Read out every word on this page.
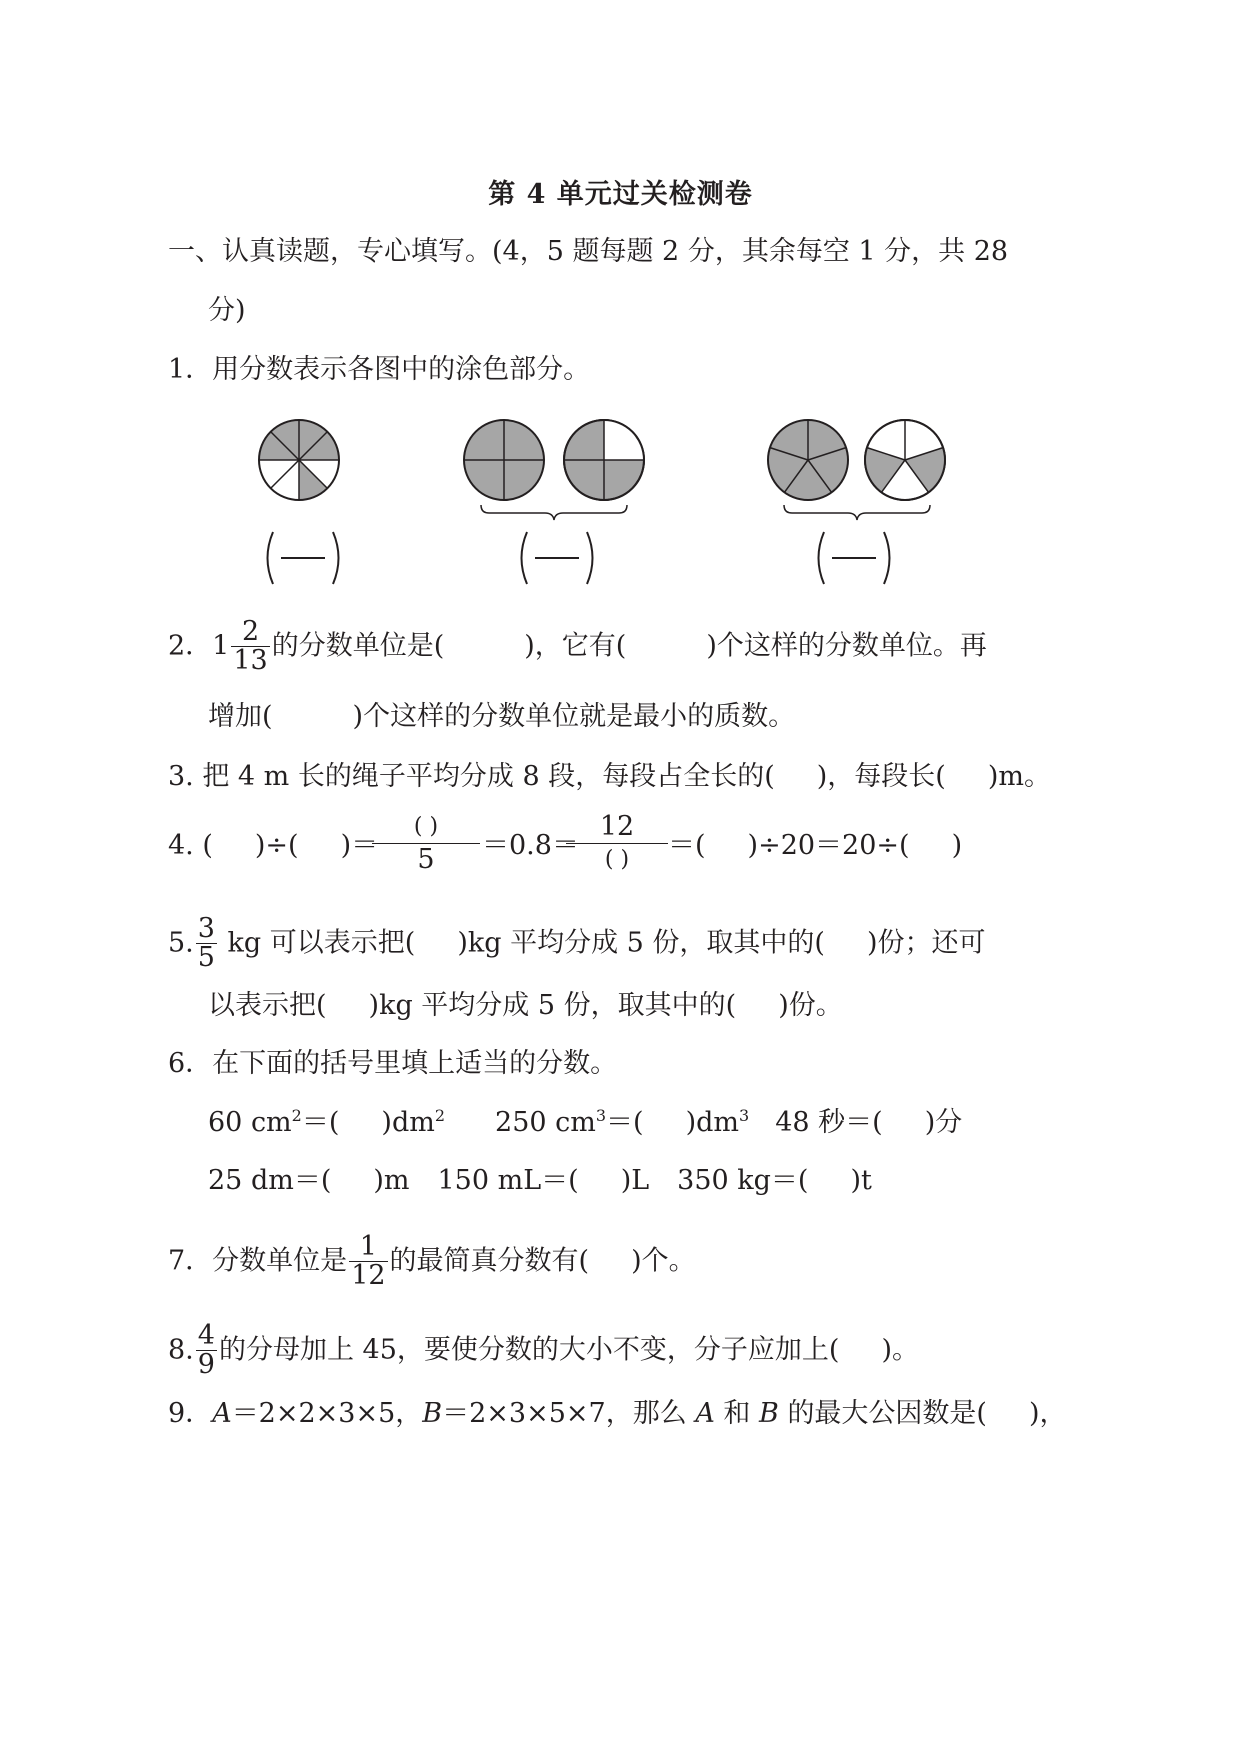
第 4 单元过关检测卷
一、认真读题，专心填写。(4，5 题每题 2 分，其余每空 1 分，共 28
分)
1．用分数表示各图中的涂色部分。
2．$1 \frac{2}{13}$ 的分数单位是(	)，它有(	)个这样的分数单位。再
增加(	)个这样的分数单位就是最小的质数。
3. 把 4 m 长的绳子平均分成 8 段，每段占全长的( )，每段长( )m。
4. ( )÷( )＝
( )
5	＝0.8＝
12
( )	＝( )÷20＝20÷( )
5. $\frac{3}{5}$ kg 可以表示把( )kg 平均分成 5 份，取其中的( )份；还可
以表示把( )kg 平均分成 5 份，取其中的( )份。
6．在下面的括号里填上适当的分数。
60 $cm^2=$( )$dm^2$ 250 $cm^3=$( )$dm^3$ 48 秒＝( )分
25 dm＝( )m 150 mL＝( )L 350 kg＝( )t
7．分数单位是 $\frac{1}{12}$ 的最简真分数有( )个。
8. $\frac{4}{9}$ 的分母加上 45，要使分数的大小不变，分子应加上( )。
9．A＝2×2×3×5，B＝2×3×5×7，那么 A 和 B 的最大公因数是( )，
